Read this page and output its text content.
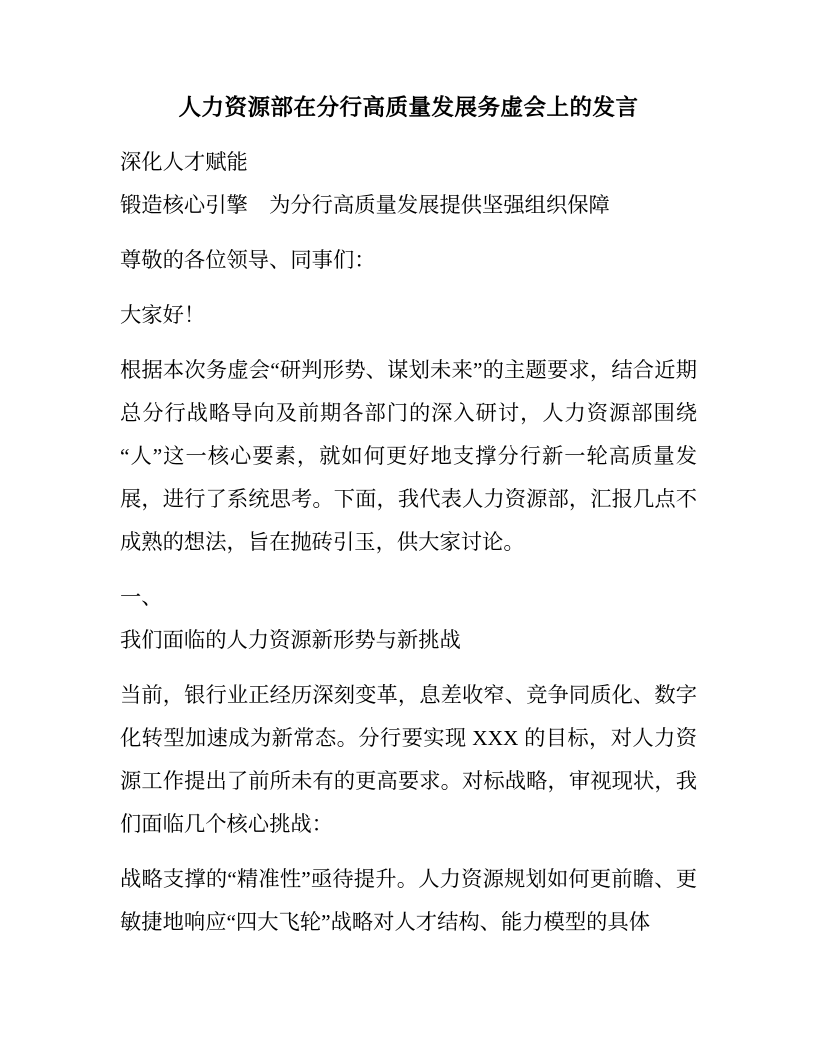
人力资源部在分行高质量发展务虚会上的发言

深化人才赋能
锻造核心引擎　为分行高质量发展提供坚强组织保障

尊敬的各位领导、同事们：

大家好！

根据本次务虚会“研判形势、谋划未来”的主题要求，结合近期总分行战略导向及前期各部门的深入研讨，人力资源部围绕“人”这一核心要素，就如何更好地支撑分行新一轮高质量发展，进行了系统思考。下面，我代表人力资源部，汇报几点不成熟的想法，旨在抛砖引玉，供大家讨论。

一、
我们面临的人力资源新形势与新挑战

当前，银行业正经历深刻变革，息差收窄、竞争同质化、数字化转型加速成为新常态。分行要实现 XXX 的目标，对人力资源工作提出了前所未有的更高要求。对标战略，审视现状，我们面临几个核心挑战：

战略支撑的“精准性”亟待提升。人力资源规划如何更前瞻、更敏捷地响应“四大飞轮”战略对人才结构、能力模型的具体
